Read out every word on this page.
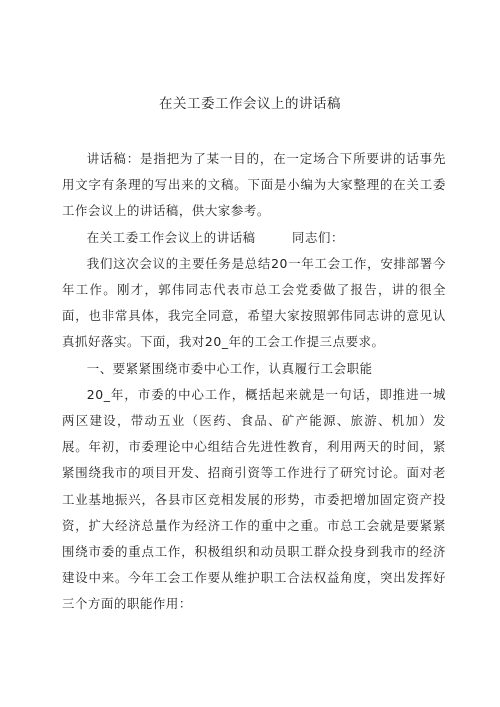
在关工委工作会议上的讲话稿

讲话稿：是指把为了某一目的，在一定场合下所要讲的话事先用文字有条理的写出来的文稿。下面是小编为大家整理的在关工委工作会议上的讲话稿，供大家参考。

在关工委工作会议上的讲话稿	同志们：

我们这次会议的主要任务是总结20一年工会工作，安排部署今年工作。刚才，郭伟同志代表市总工会党委做了报告，讲的很全面，也非常具体，我完全同意，希望大家按照郭伟同志讲的意见认真抓好落实。下面，我对20_年的工会工作提三点要求。

一、要紧紧围绕市委中心工作，认真履行工会职能

20_年，市委的中心工作，概括起来就是一句话，即推进一城两区建设，带动五业（医药、食品、矿产能源、旅游、机加）发展。年初，市委理论中心组结合先进性教育，利用两天的时间，紧紧围绕我市的项目开发、招商引资等工作进行了研究讨论。面对老工业基地振兴，各县市区竞相发展的形势，市委把增加固定资产投资，扩大经济总量作为经济工作的重中之重。市总工会就是要紧紧围绕市委的重点工作，积极组织和动员职工群众投身到我市的经济建设中来。今年工会工作要从维护职工合法权益角度，突出发挥好三个方面的职能作用：
